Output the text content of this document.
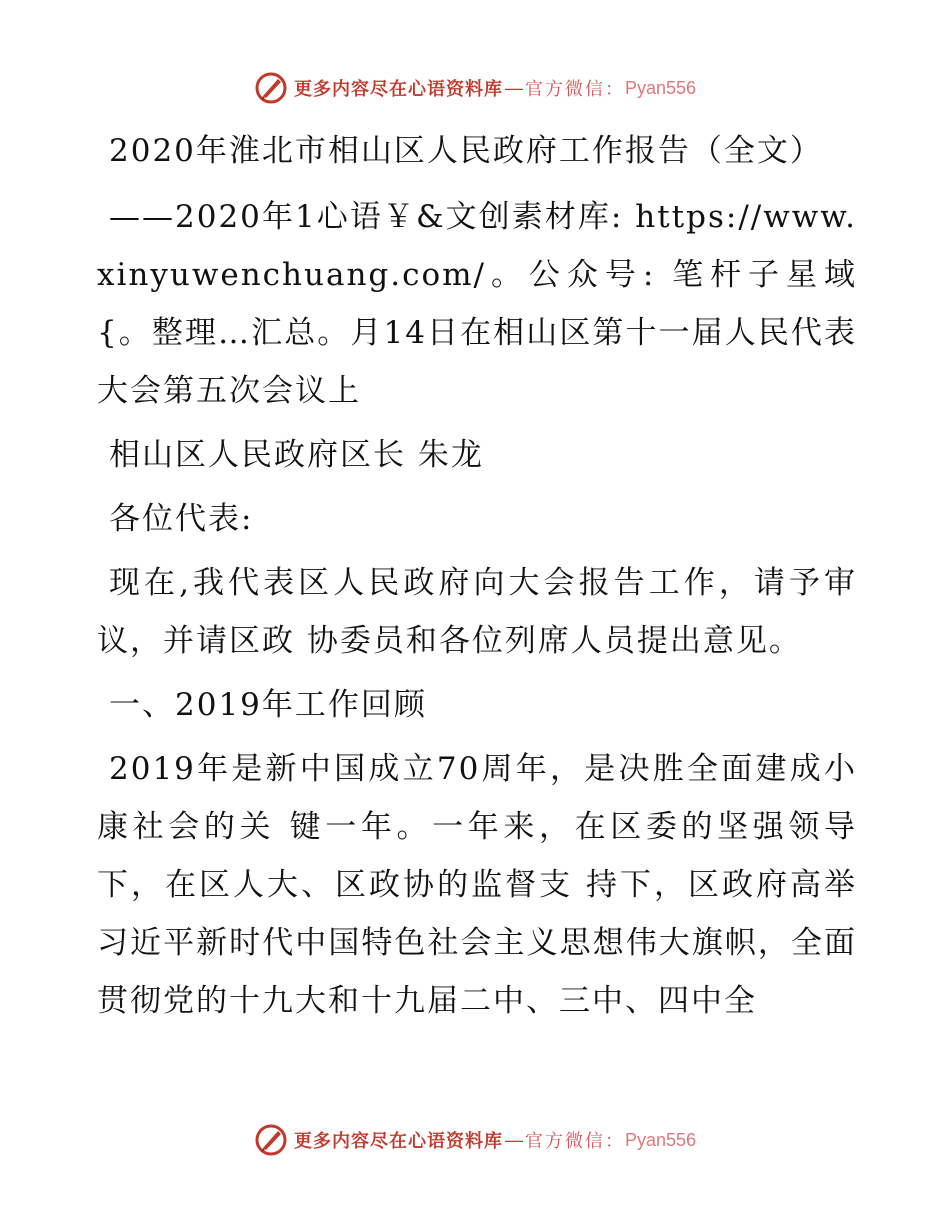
更多内容尽在心语资料库 — 官方微信： Pyan556

2020年淮北市相山区人民政府工作报告（全文）

——2020年1心语￥&文创素材库: https://www.xinyuwenchuang.com/。公众号: 笔杆子星域{。整理…汇总。月14日在相山区第十一届人民代表大会第五次会议上

相山区人民政府区长 朱龙

各位代表:

现在,我代表区人民政府向大会报告工作，请予审议，并请区政 协委员和各位列席人员提出意见。

一、2019年工作回顾

2019年是新中国成立70周年，是决胜全面建成小康社会的关 键一年。一年来，在区委的坚强领导下，在区人大、区政协的监督支 持下，区政府高举习近平新时代中国特色社会主义思想伟大旗帜，全面贯彻党的十九大和十九届二中、三中、四中全

更多内容尽在心语资料库 — 官方微信： Pyan556
